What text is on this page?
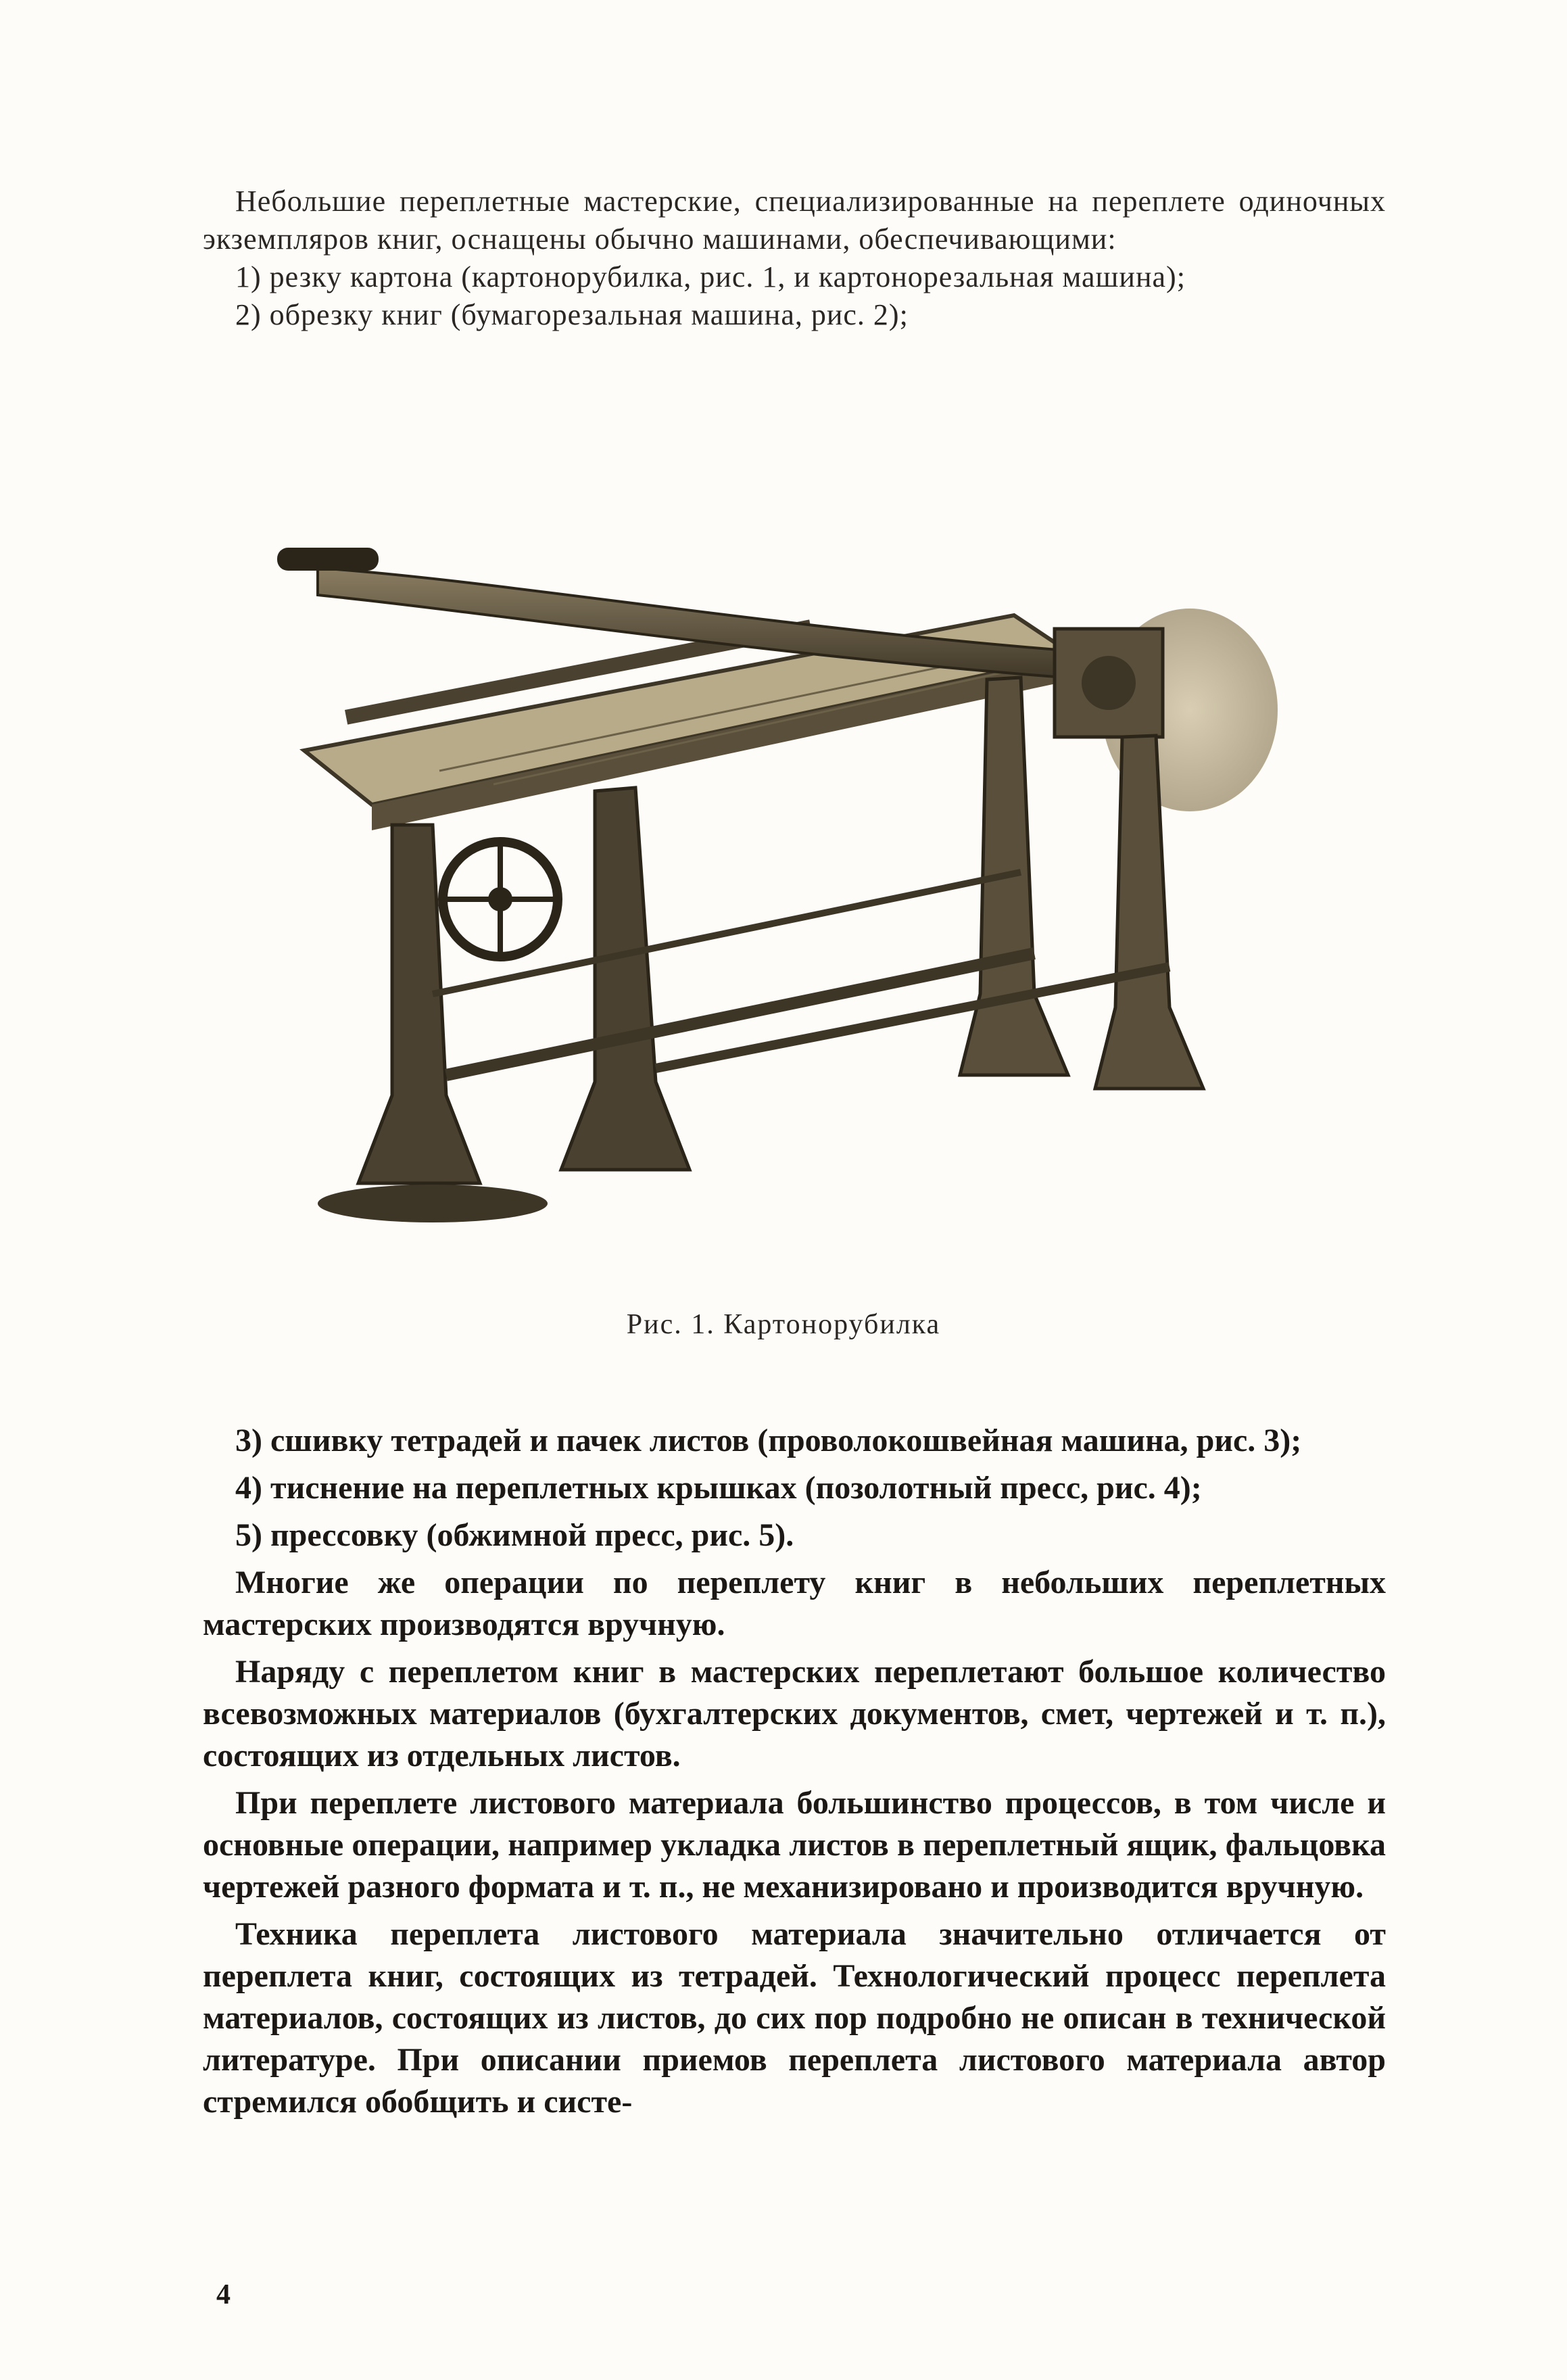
Небольшие переплетные мастерские, специализированные на переплете одиночных экземпляров книг, оснащены обычно машинами, обеспечивающими:

1) резку картона (картоноpубилка, рис. 1, и картонорезальная машина);

2) обрезку книг (бумагорезальная машина, рис. 2);

Рис. 1. Картонорубилка

3) сшивку тетрадей и пачек листов (проволокошвейная машина, рис. 3);

4) тиснение на переплетных крышках (позолотный пресс, рис. 4);

5) прессовку (обжимной пресс, рис. 5).

Многие же операции по переплету книг в небольших переплетных мастерских производятся вручную.

Наряду с переплетом книг в мастерских переплетают большое количество всевозможных материалов (бухгалтерских документов, смет, чертежей и т. п.), состоящих из отдельных листов.

При переплете листового материала большинство процессов, в том числе и основные операции, например укладка листов в переплетный ящик, фальцовка чертежей разного формата и т. п., не механизировано и производится вручную.

Техника переплета листового материала значительно отличается от переплета книг, состоящих из тетрадей. Технологический процесс переплета материалов, состоящих из листов, до сих пор подробно не описан в технической литературе. При описании приемов переплета листового материала автор стремился обобщить и систе-

4
